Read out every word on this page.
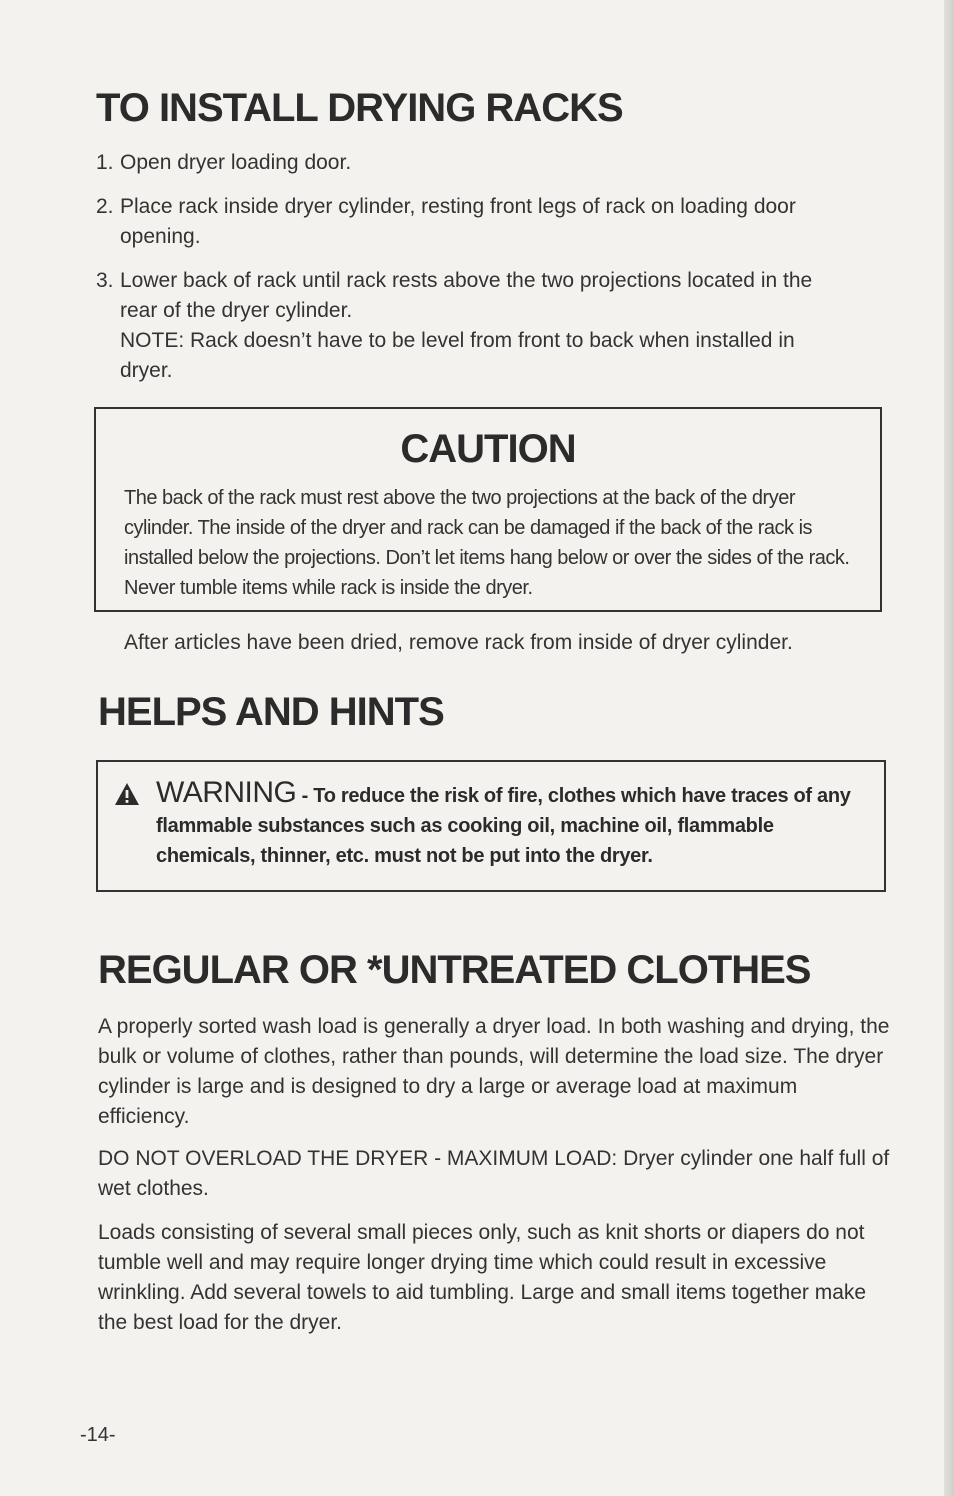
TO INSTALL DRYING RACKS
1. Open dryer loading door.
2. Place rack inside dryer cylinder, resting front legs of rack on loading door opening.
3. Lower back of rack until rack rests above the two projections located in the rear of the dryer cylinder.
NOTE: Rack doesn’t have to be level from front to back when installed in dryer.
CAUTION

The back of the rack must rest above the two projections at the back of the dryer cylinder. The inside of the dryer and rack can be damaged if the back of the rack is installed below the projections. Don’t let items hang below or over the sides of the rack. Never tumble items while rack is inside the dryer.

After articles have been dried, remove rack from inside of dryer cylinder.

HELPS AND HINTS

WARNING - To reduce the risk of fire, clothes which have traces of any flammable substances such as cooking oil, machine oil, flammable chemicals, thinner, etc. must not be put into the dryer.

REGULAR OR *UNTREATED CLOTHES

A properly sorted wash load is generally a dryer load. In both washing and drying, the bulk or volume of clothes, rather than pounds, will determine the load size. The dryer cylinder is large and is designed to dry a large or average load at maximum efficiency.

DO NOT OVERLOAD THE DRYER - MAXIMUM LOAD: Dryer cylinder one half full of wet clothes.

Loads consisting of several small pieces only, such as knit shorts or diapers do not tumble well and may require longer drying time which could result in excessive wrinkling. Add several towels to aid tumbling. Large and small items together make the best load for the dryer.

-14-
